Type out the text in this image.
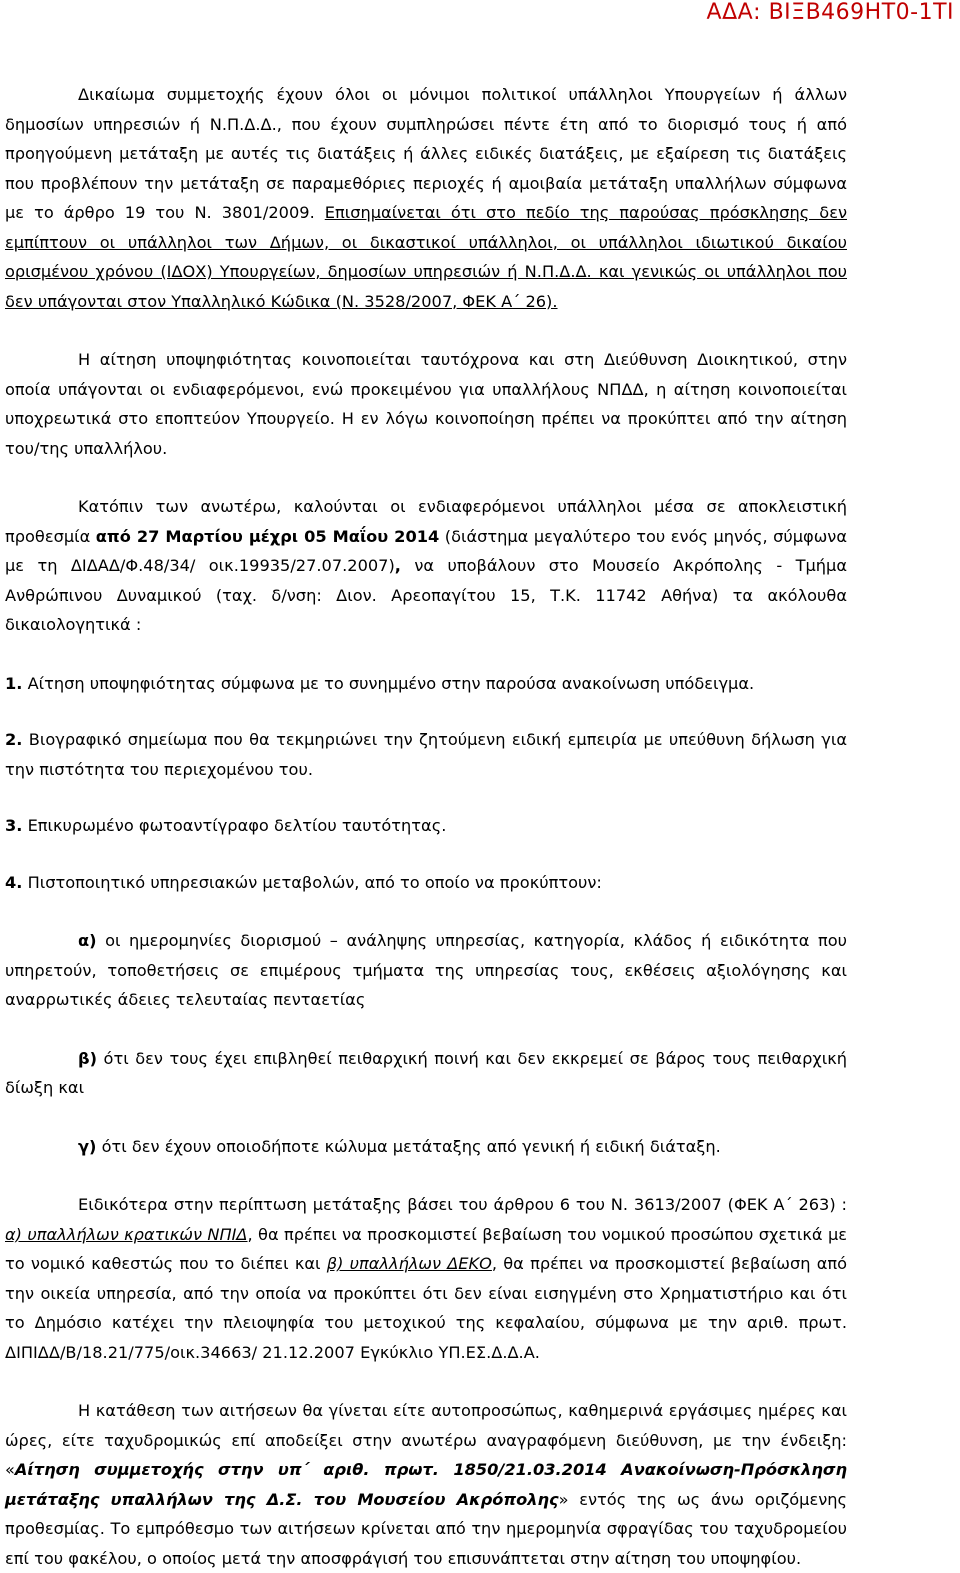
ΑΔΑ: ΒΙΞΒ469ΗΤ0-1ΤΙ

Δικαίωμα συμμετοχής έχουν όλοι οι μόνιμοι πολιτικοί υπάλληλοι Υπουργείων ή άλλων δημοσίων υπηρεσιών ή Ν.Π.Δ.Δ., που έχουν συμπληρώσει πέντε έτη από το διορισμό τους ή από προηγούμενη μετάταξη με αυτές τις διατάξεις ή άλλες ειδικές διατάξεις, με εξαίρεση τις διατάξεις που προβλέπουν την μετάταξη σε παραμεθόριες περιοχές ή αμοιβαία μετάταξη υπαλλήλων σύμφωνα με το άρθρο 19 του Ν. 3801/2009. Επισημαίνεται ότι στο πεδίο της παρούσας πρόσκλησης δεν εμπίπτουν οι υπάλληλοι των Δήμων, οι δικαστικοί υπάλληλοι, οι υπάλληλοι ιδιωτικού δικαίου ορισμένου χρόνου (ΙΔΟΧ) Υπουργείων, δημοσίων υπηρεσιών ή Ν.Π.Δ.Δ. και γενικώς οι υπάλληλοι που δεν υπάγονται στον Υπαλληλικό Κώδικα (Ν. 3528/2007, ΦΕΚ Α΄ 26).

Η αίτηση υποψηφιότητας κοινοποιείται ταυτόχρονα και στη Διεύθυνση Διοικητικού, στην οποία υπάγονται οι ενδιαφερόμενοι, ενώ προκειμένου για υπαλλήλους ΝΠΔΔ, η αίτηση κοινοποιείται υποχρεωτικά στο εποπτεύον Υπουργείο. Η εν λόγω κοινοποίηση πρέπει να προκύπτει από την αίτηση του/της υπαλλήλου.

Κατόπιν των ανωτέρω, καλούνται οι ενδιαφερόμενοι υπάλληλοι μέσα σε αποκλειστική προθεσμία από 27 Μαρτίου μέχρι 05 Μαΐου 2014 (διάστημα μεγαλύτερο του ενός μηνός, σύμφωνα με τη ΔΙΔΑΔ/Φ.48/34/ οικ.19935/27.07.2007), να υποβάλουν στο Μουσείο Ακρόπολης - Τμήμα Ανθρώπινου Δυναμικού (ταχ. δ/νση: Διον. Αρεοπαγίτου 15, Τ.Κ. 11742 Αθήνα) τα ακόλουθα δικαιολογητικά :

1. Αίτηση υποψηφιότητας σύμφωνα με το συνημμένο στην παρούσα ανακοίνωση υπόδειγμα.

2. Βιογραφικό σημείωμα που θα τεκμηριώνει την ζητούμενη ειδική εμπειρία με υπεύθυνη δήλωση για την πιστότητα του περιεχομένου του.

3. Επικυρωμένο φωτοαντίγραφο δελτίου ταυτότητας.

4. Πιστοποιητικό υπηρεσιακών μεταβολών, από το οποίο να προκύπτουν:

α) οι ημερομηνίες διορισμού – ανάληψης υπηρεσίας, κατηγορία, κλάδος ή ειδικότητα που υπηρετούν, τοποθετήσεις σε επιμέρους τμήματα της υπηρεσίας τους, εκθέσεις αξιολόγησης και αναρρωτικές άδειες τελευταίας πενταετίας

β) ότι δεν τους έχει επιβληθεί πειθαρχική ποινή και δεν εκκρεμεί σε βάρος τους πειθαρχική δίωξη και

γ) ότι δεν έχουν οποιοδήποτε κώλυμα μετάταξης από γενική ή ειδική διάταξη.

Ειδικότερα στην περίπτωση μετάταξης βάσει του άρθρου 6 του Ν. 3613/2007 (ΦΕΚ Α΄ 263) : α) υπαλλήλων κρατικών ΝΠΙΔ, θα πρέπει να προσκομιστεί βεβαίωση του νομικού προσώπου σχετικά με το νομικό καθεστώς που το διέπει και β) υπαλλήλων ΔΕΚΟ, θα πρέπει να προσκομιστεί βεβαίωση από την οικεία υπηρεσία, από την οποία να προκύπτει ότι δεν είναι εισηγμένη στο Χρηματιστήριο και ότι το Δημόσιο κατέχει την πλειοψηφία του μετοχικού της κεφαλαίου, σύμφωνα με την αριθ. πρωτ. ΔΙΠΙΔΔ/Β/18.21/775/οικ.34663/ 21.12.2007 Εγκύκλιο ΥΠ.ΕΣ.Δ.Δ.Α.

Η κατάθεση των αιτήσεων θα γίνεται είτε αυτοπροσώπως, καθημερινά εργάσιμες ημέρες και ώρες, είτε ταχυδρομικώς επί αποδείξει στην ανωτέρω αναγραφόμενη διεύθυνση, με την ένδειξη: «Αίτηση συμμετοχής στην υπ΄ αριθ. πρωτ. 1850/21.03.2014 Ανακοίνωση-Πρόσκληση μετάταξης υπαλλήλων της Δ.Σ. του Μουσείου Ακρόπολης» εντός της ως άνω οριζόμενης προθεσμίας. Το εμπρόθεσμο των αιτήσεων κρίνεται από την ημερομηνία σφραγίδας του ταχυδρομείου επί του φακέλου, ο οποίος μετά την αποσφράγισή του επισυνάπτεται στην αίτηση του υποψηφίου.
